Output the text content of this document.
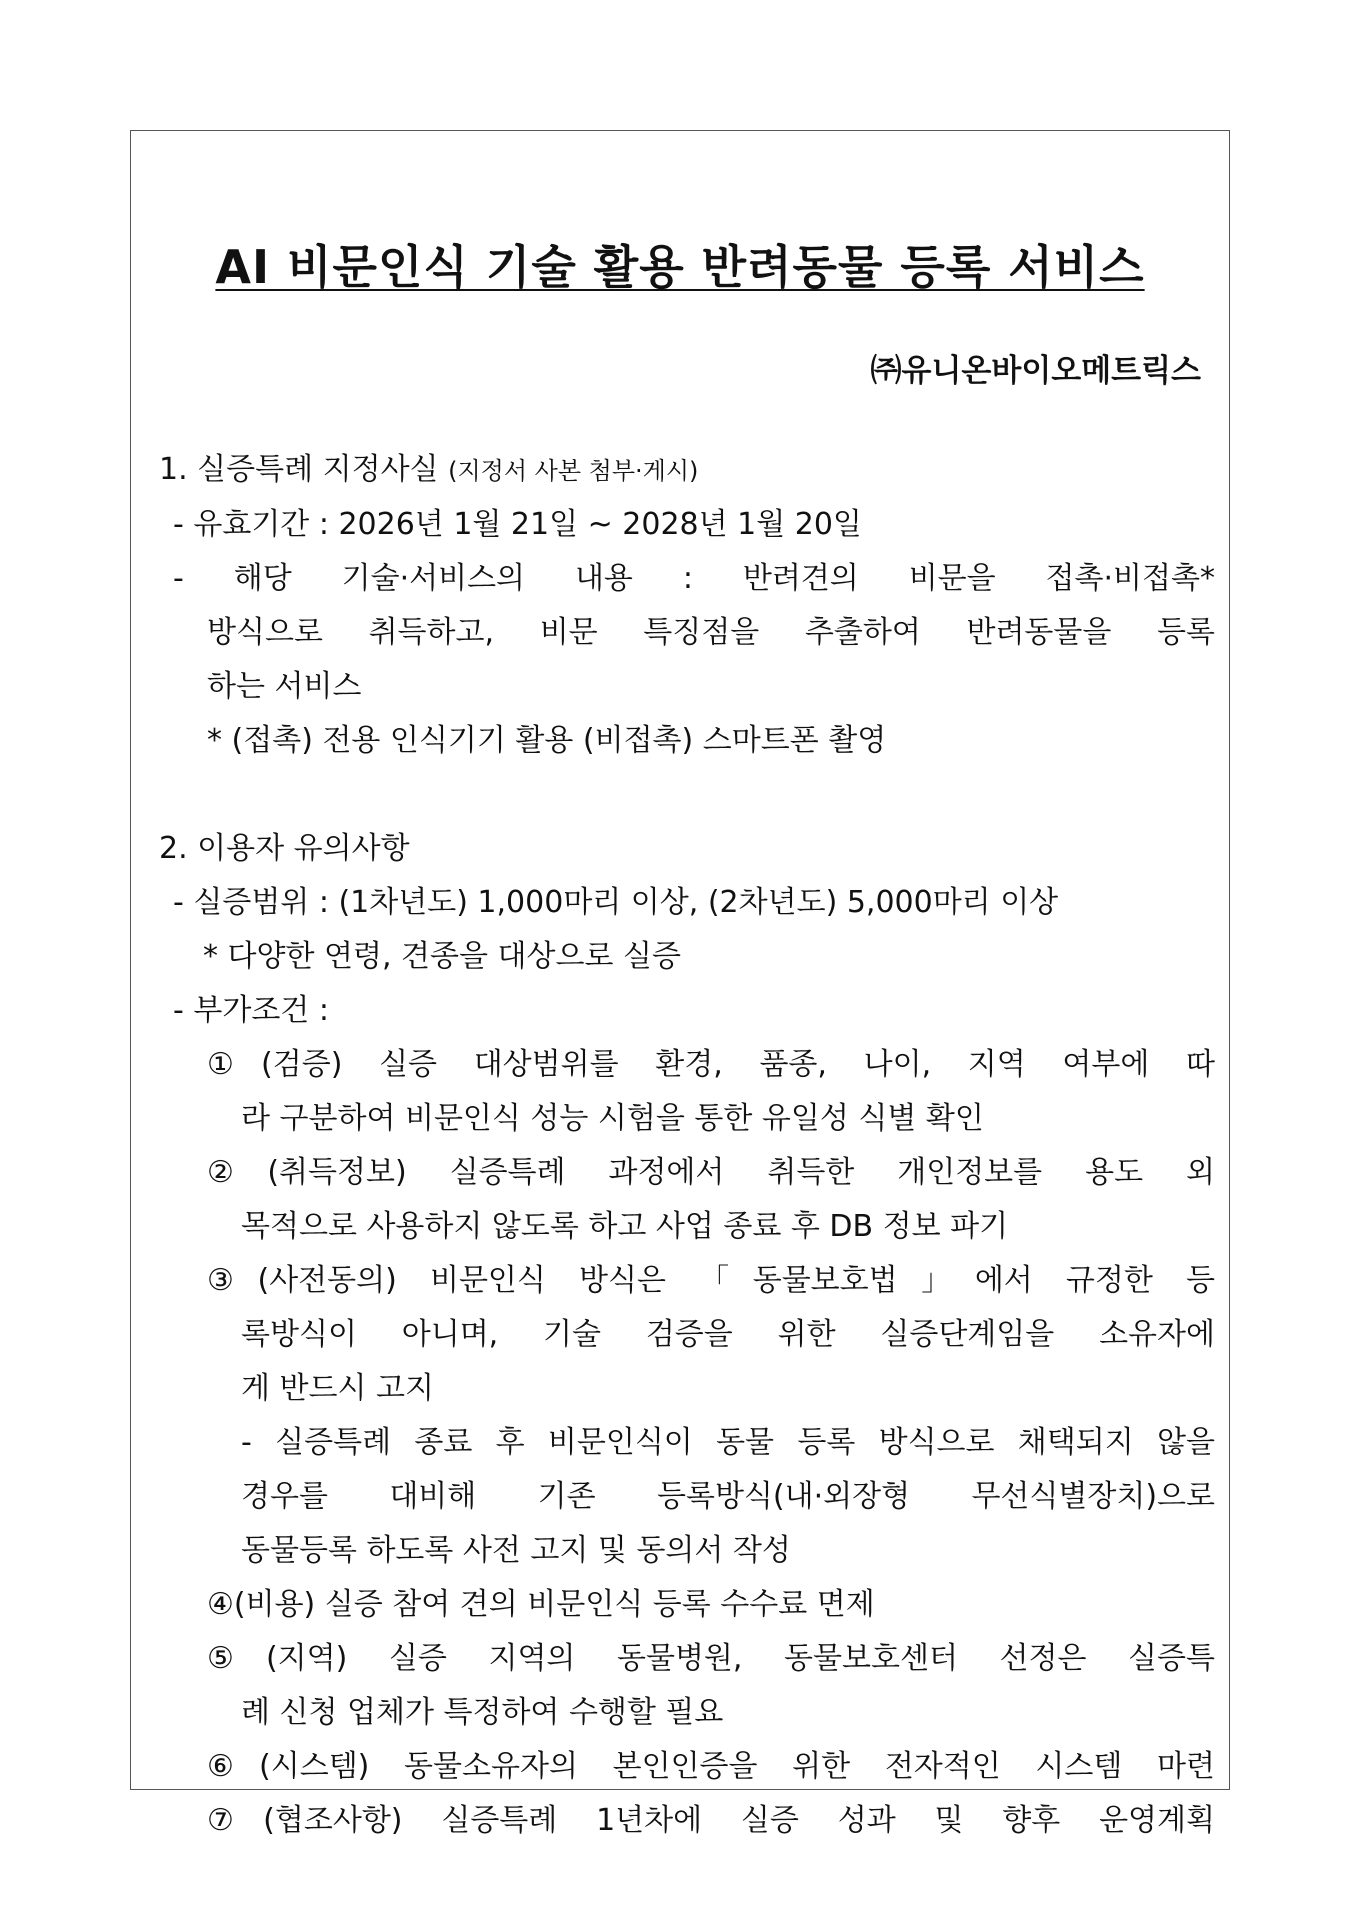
AI 비문인식 기술 활용 반려동물 등록 서비스
㈜유니온바이오메트릭스
1. 실증특례 지정사실 (지정서 사본 첨부·게시)
- 유효기간 : 2026년 1월 21일 ~ 2028년 1월 20일
- 해당 기술·서비스의 내용 : 반려견의 비문을 접촉·비접촉*
방식으로 취득하고, 비문 특징점을 추출하여 반려동물을 등록
하는 서비스
* (접촉) 전용 인식기기 활용 (비접촉) 스마트폰 촬영
2. 이용자 유의사항
- 실증범위 : (1차년도) 1,000마리 이상, (2차년도) 5,000마리 이상
* 다양한 연령, 견종을 대상으로 실증
- 부가조건 :
①(검증) 실증 대상범위를 환경, 품종, 나이, 지역 여부에 따
라 구분하여 비문인식 성능 시험을 통한 유일성 식별 확인
②(취득정보) 실증특례 과정에서 취득한 개인정보를 용도 외
목적으로 사용하지 않도록 하고 사업 종료 후 DB 정보 파기
③(사전동의) 비문인식 방식은 「동물보호법」에서 규정한 등
록방식이 아니며, 기술 검증을 위한 실증단계임을 소유자에
게 반드시 고지
- 실증특례 종료 후 비문인식이 동물 등록 방식으로 채택되지 않을
경우를 대비해 기존 등록방식(내·외장형 무선식별장치)으로
동물등록 하도록 사전 고지 및 동의서 작성
④(비용) 실증 참여 견의 비문인식 등록 수수료 면제
⑤(지역) 실증 지역의 동물병원, 동물보호센터 선정은 실증특
례 신청 업체가 특정하여 수행할 필요
⑥(시스템) 동물소유자의 본인인증을 위한 전자적인 시스템 마련
⑦(협조사항) 실증특례 1년차에 실증 성과 및 향후 운영계획
